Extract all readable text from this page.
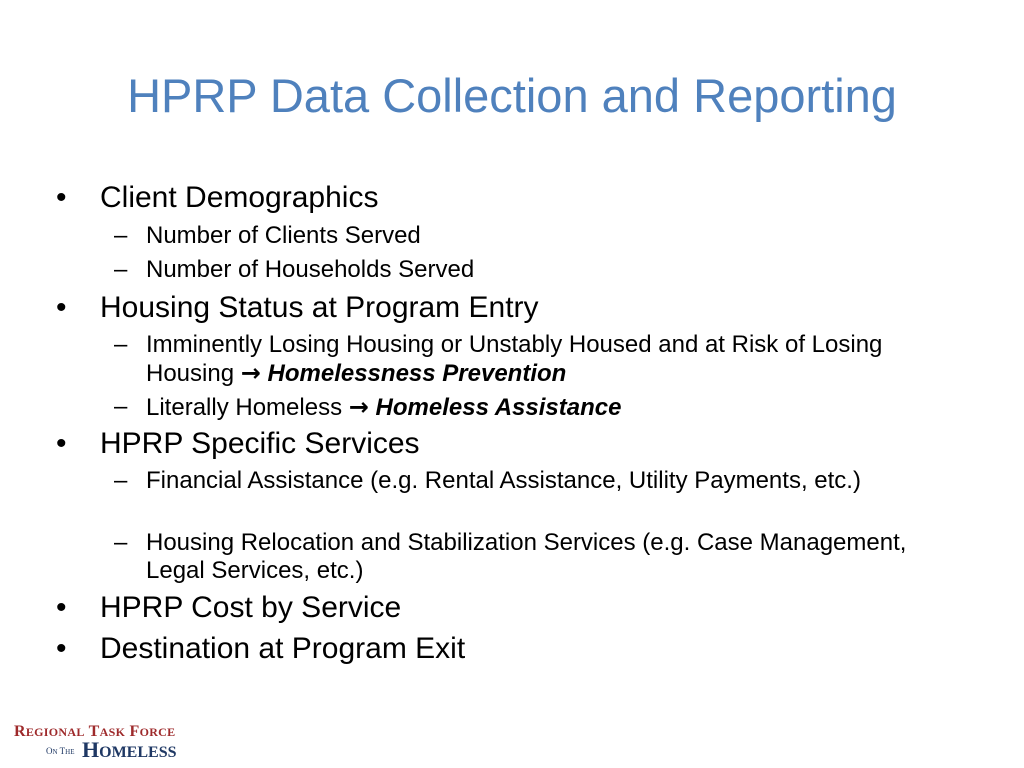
HPRP Data Collection and Reporting
• Client Demographics
– Number of Clients Served
– Number of Households Served
• Housing Status at Program Entry
– Imminently Losing Housing or Unstably Housed and at Risk of Losing Housing → Homelessness Prevention
– Literally Homeless → Homeless Assistance
• HPRP Specific Services
– Financial Assistance (e.g. Rental Assistance, Utility Payments, etc.)
– Housing Relocation and Stabilization Services (e.g. Case Management, Legal Services, etc.)
• HPRP Cost by Service
• Destination at Program Exit
REGIONAL TASK FORCE
ON THE HOMELESS
